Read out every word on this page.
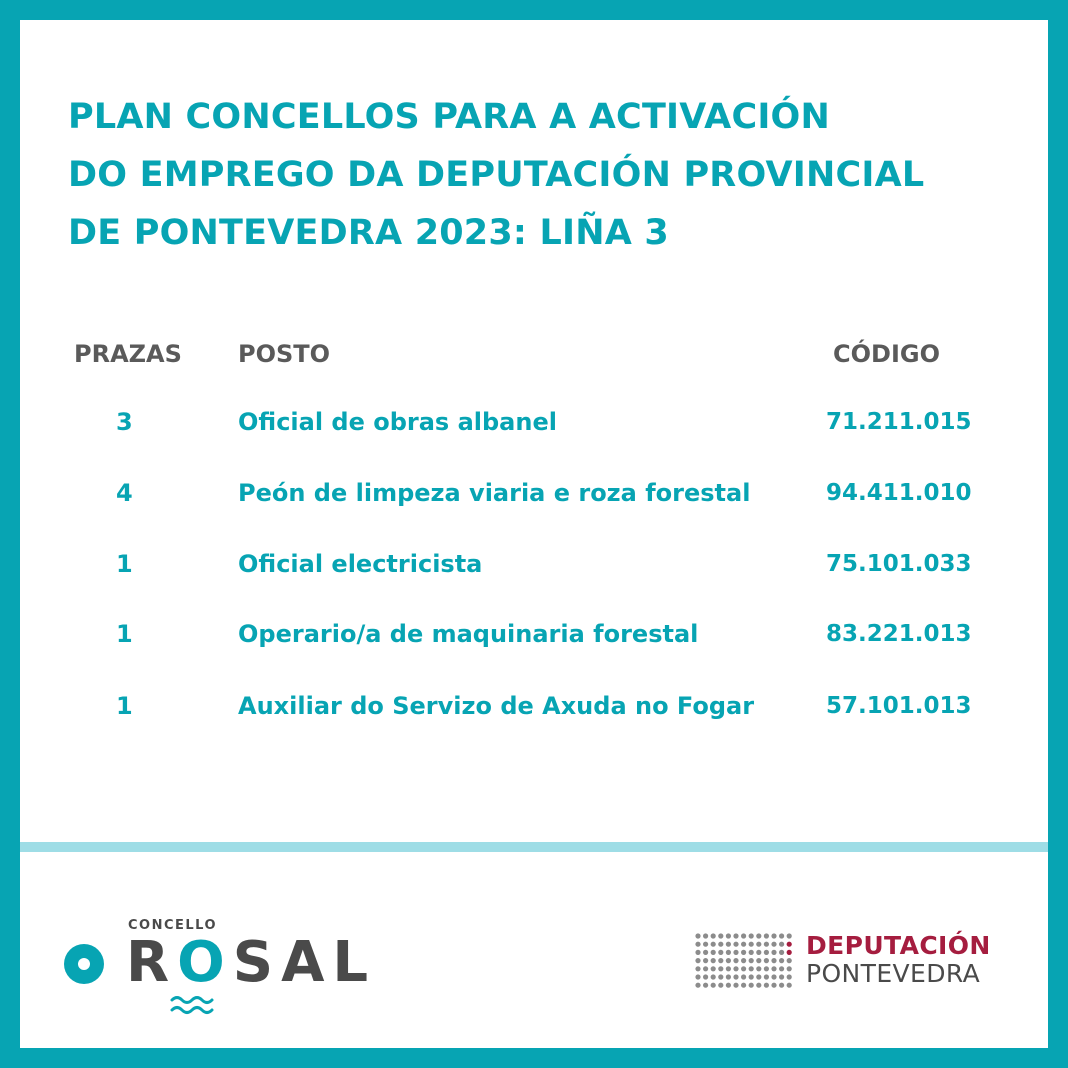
PLAN CONCELLOS PARA A ACTIVACIÓN
DO EMPREGO DA DEPUTACIÓN PROVINCIAL
DE PONTEVEDRA 2023: LIÑA 3
PRAZAS POSTO	CÓDIGO
3	Oficial de obras albanel	71.211.015
4	Peón de limpeza viaria e roza forestal	94.411.010
1	Oficial electricista	75.101.033
1	Operario/a de maquinaria forestal	83.221.013
1	Auxiliar do Servizo de Axuda no Fogar	57.101.013
CONCELLO
ROSAL	DEPUTACIÓN
PONTEVEDRA
